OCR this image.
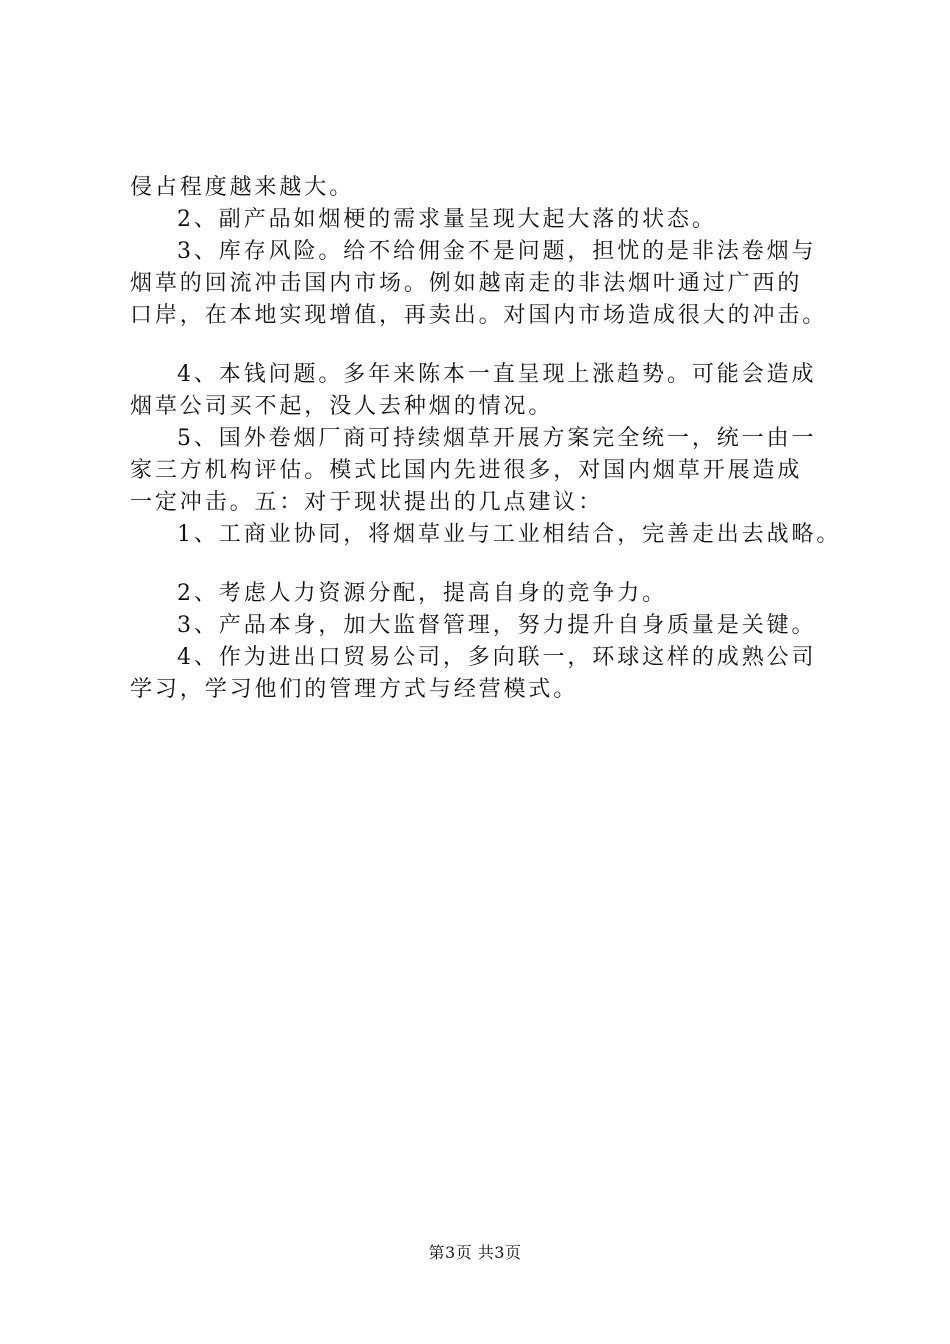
侵占程度越来越大。
2、副产品如烟梗的需求量呈现大起大落的状态。
3、库存风险。给不给佣金不是问题，担忧的是非法卷烟与
烟草的回流冲击国内市场。例如越南走的非法烟叶通过广西的
口岸，在本地实现增值，再卖出。对国内市场造成很大的冲击。
4、本钱问题。多年来陈本一直呈现上涨趋势。可能会造成
烟草公司买不起，没人去种烟的情况。
5、国外卷烟厂商可持续烟草开展方案完全统一，统一由一
家三方机构评估。模式比国内先进很多，对国内烟草开展造成
一定冲击。五：对于现状提出的几点建议：
1、工商业协同，将烟草业与工业相结合，完善走出去战略。
2、考虑人力资源分配，提高自身的竞争力。
3、产品本身，加大监督管理，努力提升自身质量是关键。
4、作为进出口贸易公司，多向联一，环球这样的成熟公司
学习，学习他们的管理方式与经营模式。
第3页 共3页
